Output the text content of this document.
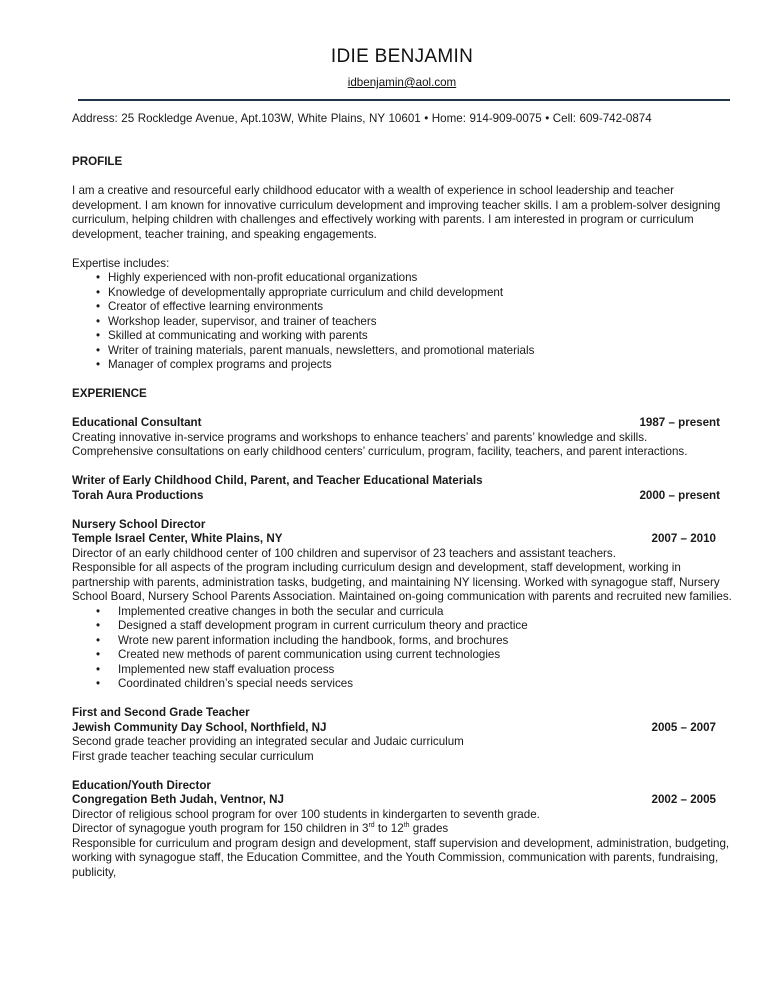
IDIE BENJAMIN
idbenjamin@aol.com
Address: 25 Rockledge Avenue, Apt.103W, White Plains, NY 10601 • Home: 914-909-0075 • Cell: 609-742-0874

PROFILE

I am a creative and resourceful early childhood educator with a wealth of experience in school leadership and teacher development. I am known for innovative curriculum development and improving teacher skills. I am a problem-solver designing curriculum, helping children with challenges and effectively working with parents. I am interested in program or curriculum development, teacher training, and speaking engagements.

Expertise includes:

• Highly experienced with non-profit educational organizations
• Knowledge of developmentally appropriate curriculum and child development
• Creator of effective learning environments
• Workshop leader, supervisor, and trainer of teachers
• Skilled at communicating and working with parents
• Writer of training materials, parent manuals, newsletters, and promotional materials
• Manager of complex programs and projects

EXPERIENCE

Educational Consultant	1987 – present

Creating innovative in-service programs and workshops to enhance teachers’ and parents’ knowledge and skills.

Comprehensive consultations on early childhood centers’ curriculum, program, facility, teachers, and parent interactions.

Writer of Early Childhood Child, Parent, and Teacher Educational Materials

Torah Aura Productions	2000 – present

Nursery School Director

Temple Israel Center, White Plains, NY	2007 – 2010

Director of an early childhood center of 100 children and supervisor of 23 teachers and assistant teachers.

Responsible for all aspects of the program including curriculum design and development, staff development, working in partnership with parents, administration tasks, budgeting, and maintaining NY licensing. Worked with synagogue staff, Nursery School Board, Nursery School Parents Association. Maintained on-going communication with parents and recruited new families.

• Implemented creative changes in both the secular and curricula
• Designed a staff development program in current curriculum theory and practice
• Wrote new parent information including the handbook, forms, and brochures
• Created new methods of parent communication using current technologies
• Implemented new staff evaluation process
• Coordinated children’s special needs services

First and Second Grade Teacher

Jewish Community Day School, Northfield, NJ	2005 – 2007

Second grade teacher providing an integrated secular and Judaic curriculum

First grade teacher teaching secular curriculum

Education/Youth Director

Congregation Beth Judah, Ventnor, NJ	2002 – 2005

Director of religious school program for over 100 students in kindergarten to seventh grade.

Director of synagogue youth program for 150 children in 3rd to 12th grades

Responsible for curriculum and program design and development, staff supervision and development, administration, budgeting, working with synagogue staff, the Education Committee, and the Youth Commission, communication with parents, fundraising, publicity,
